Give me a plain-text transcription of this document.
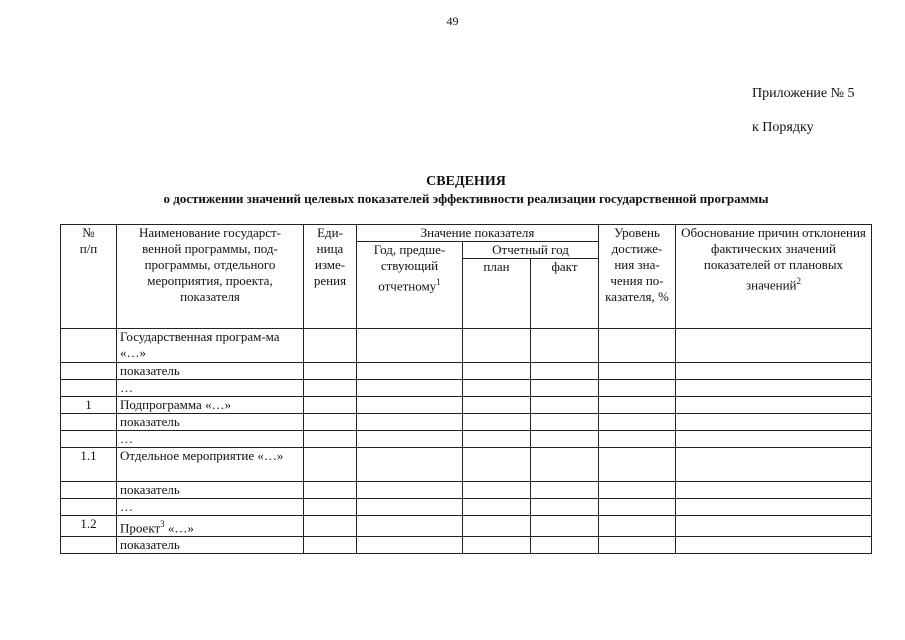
49
Приложение № 5
к Порядку
СВЕДЕНИЯ
о достижении значений целевых показателей эффективности реализации государственной программы
№ п/п	Наименование государст-венной программы, под-программы, отдельного мероприятия, проекта, показателя	Еди-ница изме-рения	Значение показателя			Уровень достиже-ния зна-чения по-казателя, %	Обоснование причин отклонения фактических значений показателей от плановых значений$^2$
			Год, предше-ствующий отчетному$^1$	Отчетный год			
				план	факт		
	Государственная програм-ма «…»						
	показатель						
	…						
1	Подпрограмма «…»						
	показатель						
	…						
1.1	Отдельное мероприятие «…»						
	показатель						
	…						
1.2	Проект$^3$ «…»						
	показатель						
